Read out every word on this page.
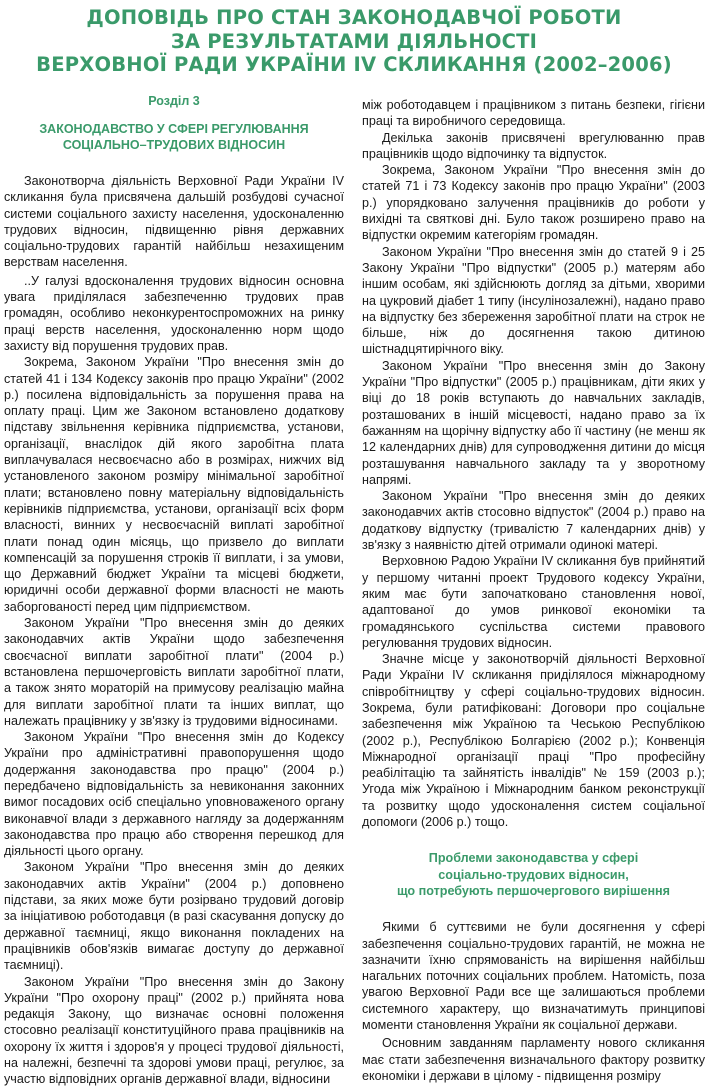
ДОПОВІДЬ ПРО СТАН ЗАКОНОДАВЧОЇ РОБОТИ
ЗА РЕЗУЛЬТАТАМИ ДІЯЛЬНОСТІ
ВЕРХОВНОЇ РАДИ УКРАЇНИ IV СКЛИКАННЯ (2002–2006)
Розділ 3
ЗАКОНОДАВСТВО У СФЕРІ РЕГУЛЮВАННЯ
СОЦІАЛЬНО–ТРУДОВИХ ВІДНОСИН

Законотворча діяльність Верховної Ради України IV скликання була присвячена дальшій розбудові сучасної системи соціального захисту населення, удосконаленню трудових відносин, підвищенню рівня державних соціально-трудових гарантій найбільш незахищеним верствам населення.

..У галузі вдосконалення трудових відносин основна увага приділялася забезпеченню трудових прав громадян, особливо неконкурентоспроможних на ринку праці верств населення, удосконаленню норм щодо захисту від порушення трудових прав.

Зокрема, Законом України "Про внесення змін до статей 41 і 134 Кодексу законів про працю України" (2002 р.) посилена відповідальність за порушення права на оплату праці. Цим же Законом встановлено додаткову підставу звільнення керівника підприємства, установи, організації, внаслідок дій якого заробітна плата виплачувалася несвоєчасно або в розмірах, нижчих від установленого законом розміру мінімальної заробітної плати; встановлено повну матеріальну відповідальність керівників підприємства, установи, організації всіх форм власності, винних у несвоєчасній виплаті заробітної плати понад один місяць, що призвело до виплати компенсацій за порушення строків її виплати, і за умови, що Державний бюджет України та місцеві бюджети, юридичні особи державної форми власності не мають заборгованості перед цим підприємством.

Законом України "Про внесення змін до деяких законодавчих актів України щодо забезпечення своєчасної виплати заробітної плати" (2004 р.) встановлена першочерговість виплати заробітної плати, а також знято мораторій на примусову реалізацію майна для виплати заробітної плати та інших виплат, що належать працівнику у зв'язку із трудовими відносинами.

Законом України "Про внесення змін до Кодексу України про адміністративні правопорушення щодо додержання законодавства про працю" (2004 р.) передбачено відповідальність за невиконання законних вимог посадових осіб спеціально уповноваженого органу виконавчої влади з державного нагляду за додержанням законодавства про працю або створення перешкод для діяльності цього органу.

Законом України "Про внесення змін до деяких законодавчих актів України" (2004 р.) доповнено підстави, за яких може бути розірвано трудовий договір за ініціативою роботодавця (в разі скасування допуску до державної таємниці, якщо виконання покладених на працівників обов'язків вимагає доступу до державної таємниці).

Законом України "Про внесення змін до Закону України "Про охорону праці" (2002 р.) прийнята нова редакція Закону, що визначає основні положення стосовно реалізації конституційного права працівників на охорону їх життя і здоров'я у процесі трудової діяльності, на належні, безпечні та здорові умови праці, регулює, за участю відповідних органів державної влади, відносини

між роботодавцем і працівником з питань безпеки, гігієни праці та виробничого середовища.

Декілька законів присвячені врегулюванню прав працівників щодо відпочинку та відпусток.

Зокрема, Законом України "Про внесення змін до статей 71 і 73 Кодексу законів про працю України" (2003 р.) упорядковано залучення працівників до роботи у вихідні та святкові дні. Було також розширено право на відпустки окремим категоріям громадян.

Законом України "Про внесення змін до статей 9 і 25 Закону України "Про відпустки" (2005 р.) матерям або іншим особам, які здійснюють догляд за дітьми, хворими на цукровий діабет 1 типу (інсулінозалежні), надано право на відпустку без збереження заробітної плати на строк не більше, ніж до досягнення такою дитиною шістнадцятирічного віку.

Законом України "Про внесення змін до Закону України "Про відпустки" (2005 р.) працівникам, діти яких у віці до 18 років вступають до навчальних закладів, розташованих в іншій місцевості, надано право за їх бажанням на щорічну відпустку або її частину (не менш як 12 календарних днів) для супроводження дитини до місця розташування навчального закладу та у зворотному напрямі.

Законом України "Про внесення змін до деяких законодавчих актів стосовно відпусток" (2004 р.) право на додаткову відпустку (тривалістю 7 календарних днів) у зв'язку з наявністю дітей отримали одинокі матері.

Верховною Радою України IV скликання був прийнятий у першому читанні проект Трудового кодексу України, яким має бути започатковано становлення нової, адаптованої до умов ринкової економіки та громадянського суспільства системи правового регулювання трудових відносин.

Значне місце у законотворчій діяльності Верховної Ради України IV скликання приділялося міжнародному співробітництву у сфері соціально-трудових відносин. Зокрема, були ратифіковані: Договори про соціальне забезпечення між Україною та Чеською Республікою (2002 р.), Республікою Болгарією (2002 р.); Конвенція Міжнародної організації праці "Про професійну реабілітацію та зайнятість інвалідів" № 159 (2003 р.); Угода між Україною і Міжнародним банком реконструкції та розвитку щодо удосконалення систем соціальної допомоги (2006 р.) тощо.

Проблеми законодавства у сфері
соціально-трудових відносин,
що потребують першочергового вирішення

Якими б суттєвими не були досягнення у сфері забезпечення соціально-трудових гарантій, не можна не зазначити їхню спрямованість на вирішення найбільш нагальних поточних соціальних проблем. Натомість, поза увагою Верховної Ради все ще залишаються проблеми системного характеру, що визначатимуть принципові моменти становлення України як соціальної держави.

Основним завданням парламенту нового скликання має стати забезпечення визначального фактору розвитку економіки і держави в цілому - підвищення розміру
